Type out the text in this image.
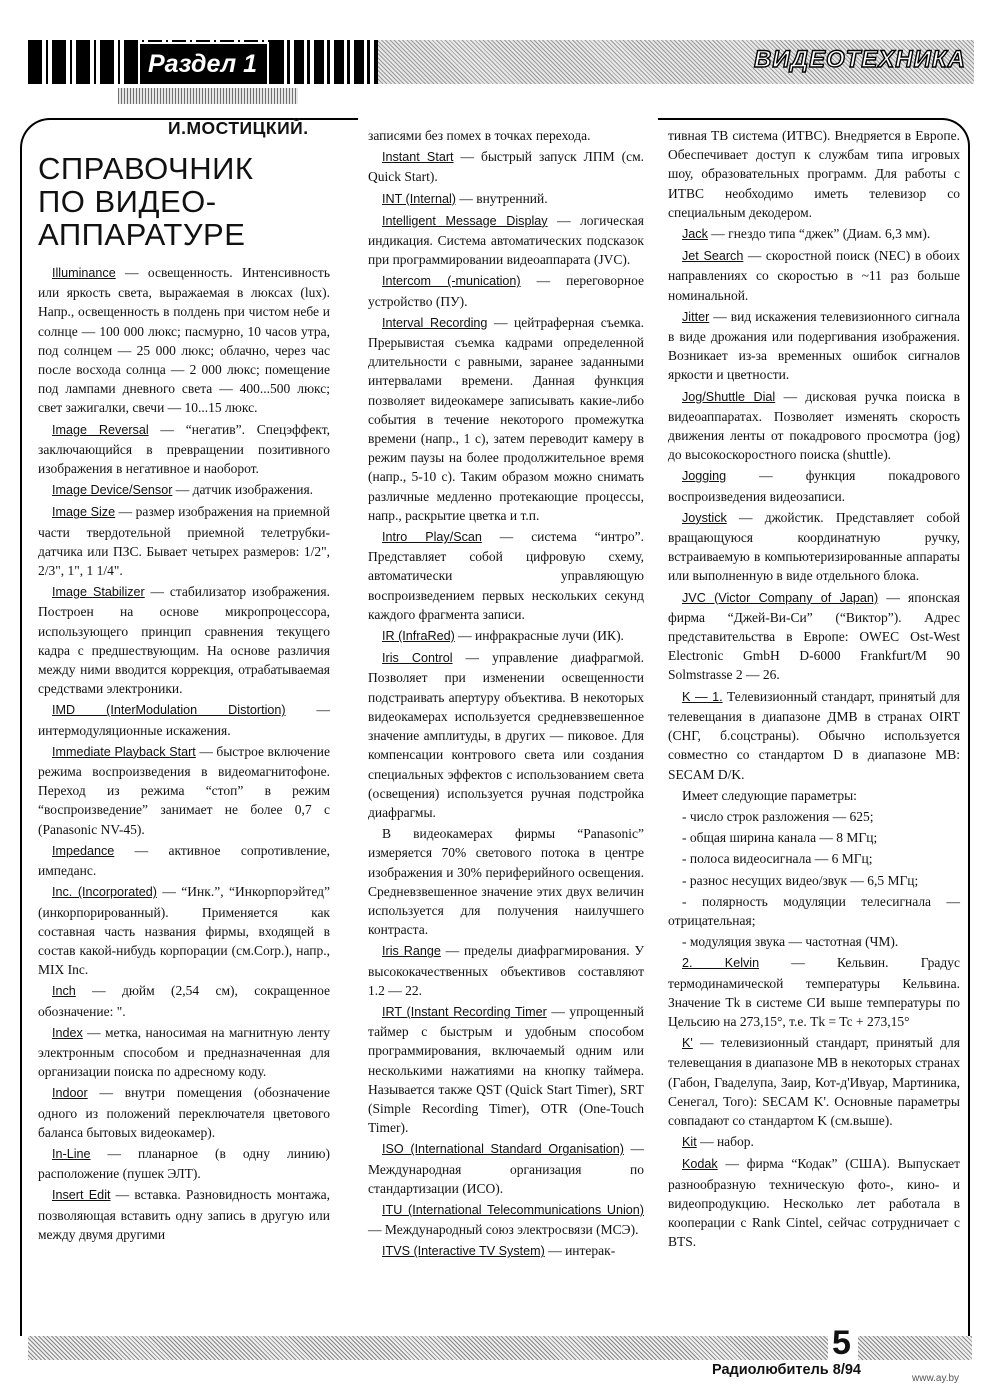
ВИДЕОТЕХНИКА
Раздел 1
И.МОСТИЦКИЙ.
СПРАВОЧНИК
ПО ВИДЕО-
АППАРАТУРЕ

Illuminance — освещенность. Интенсивность или яркость света, выражаемая в люксах (lux). Напр., освещенность в полдень при чистом небе и солнце — 100 000 люкс; пасмурно, 10 часов утра, под солнцем — 25 000 люкс; облачно, через час после восхода солнца — 2 000 люкс; помещение под лампами дневного света — 400...500 люкс; свет зажигалки, свечи — 10...15 люкс.

Image Reversal — “негатив”. Спецэффект, заключающийся в превращении позитивного изображения в негативное и наоборот.

Image Device/Sensor — датчик изображения.

Image Size — размер изображения на приемной части твердотельной приемной телетрубки-датчика или ПЗС. Бывает четырех размеров: 1/2", 2/3", 1", 1 1/4".

Image Stabilizer — стабилизатор изображения. Построен на основе микропроцессора, использующего принцип сравнения текущего кадра с предшествующим. На основе различия между ними вводится коррекция, отрабатываемая средствами электроники.

IMD (InterModulation Distortion) — интермодуляционные искажения.

Immediate Playback Start — быстрое включение режима воспроизведения в видеомагнитофоне. Переход из режима “стоп” в режим “воспроизведение” занимает не более 0,7 с (Panasonic NV-45).

Impedance — активное сопротивление, импеданс.

Inc. (Incorporated) — “Инк.”, “Инкорпорэйтед” (инкорпорированный). Применяется как составная часть названия фирмы, входящей в состав какой-нибудь корпорации (см.Corp.), напр., MIX Inc.

Inch — дюйм (2,54 см), сокращенное обозначение: ".

Index — метка, наносимая на магнитную ленту электронным способом и предназначенная для организации поиска по адресному коду.

Indoor — внутри помещения (обозначение одного из положений переключателя цветового баланса бытовых видеокамер).

In-Line — планарное (в одну линию) расположение (пушек ЭЛТ).

Insert Edit — вставка. Разновидность монтажа, позволяющая вставить одну запись в другую или между двумя другими

записями без помех в точках перехода.

Instant Start — быстрый запуск ЛПМ (см. Quick Start).

INT (Internal) — внутренний.

Intelligent Message Display — логическая индикация. Система автоматических подсказок при программировании видеоаппарата (JVC).

Intercom (-munication) — переговорное устройство (ПУ).

Interval Recording — цейтраферная съемка. Прерывистая съемка кадрами определенной длительности с равными, заранее заданными интервалами времени. Данная функция позволяет видеокамере записывать какие-либо события в течение некоторого промежутка времени (напр., 1 с), затем переводит камеру в режим паузы на более продолжительное время (напр., 5-10 с). Таким образом можно снимать различные медленно протекающие процессы, напр., раскрытие цветка и т.п.

Intro Play/Scan — система “интро”. Представляет собой цифровую схему, автоматически управляющую воспроизведением первых нескольких секунд каждого фрагмента записи.

IR (InfraRed) — инфракрасные лучи (ИК).

Iris Control — управление диафрагмой. Позволяет при изменении освещенности подстраивать апертуру объектива. В некоторых видеокамерах используется средневзвешенное значение амплитуды, в других — пиковое. Для компенсации контрового света или создания специальных эффектов с использованием света (освещения) используется ручная подстройка диафрагмы.

В видеокамерах фирмы “Panasonic” измеряется 70% светового потока в центре изображения и 30% периферийного освещения. Средневзвешенное значение этих двух величин используется для получения наилучшего контраста.

Iris Range — пределы диафрагмирования. У высококачественных объективов составляют 1.2 — 22.

IRT (Instant Recording Timer — упрощенный таймер с быстрым и удобным способом программирования, включаемый одним или несколькими нажатиями на кнопку таймера. Называется также QST (Quick Start Timer), SRT (Simple Recording Timer), OTR (One-Touch Timer).

ISO (International Standard Organisation) — Международная организация по стандартизации (ИСО).

ITU (International Telecommunications Union) — Международный союз электросвязи (МСЭ).

ITVS (Interactive TV System) — интерак-

тивная ТВ система (ИТВС). Внедряется в Европе. Обеспечивает доступ к службам типа игровых шоу, образовательных программ. Для работы с ИТВС необходимо иметь телевизор со специальным декодером.

Jack — гнездо типа “джек” (Диам. 6,3 мм).

Jet Search — скоростной поиск (NEC) в обоих направлениях со скоростью в ~11 раз больше номинальной.

Jitter — вид искажения телевизионного сигнала в виде дрожания или подергивания изображения. Возникает из-за временных ошибок сигналов яркости и цветности.

Jog/Shuttle Dial — дисковая ручка поиска в видеоаппаратах. Позволяет изменять скорость движения ленты от покадрового просмотра (jog) до высокоскоростного поиска (shuttle).

Jogging — функция покадрового воспроизведения видеозаписи.

Joystick — джойстик. Представляет собой вращающуюся координатную ручку, встраиваемую в компьютеризированные аппараты или выполненную в виде отдельного блока.

JVC (Victor Company of Japan) — японская фирма “Джей-Ви-Си” (“Виктор”). Адрес представительства в Европе: OWEC Ost-West Electronic GmbH D-6000 Frankfurt/M 90 Solmstrasse 2 — 26.

K — 1. Телевизионный стандарт, принятый для телевещания в диапазоне ДМВ в странах OIRT (СНГ, б.соцстраны). Обычно используется совместно со стандартом D в диапазоне MB: SECAM D/K.

Имеет следующие параметры:

- число строк разложения — 625;

- общая ширина канала — 8 МГц;

- полоса видеосигнала — 6 МГц;

- разнос несущих видео/звук — 6,5 МГц;

- полярность модуляции телесигнала — отрицательная;

- модуляция звука — частотная (ЧМ).

2. Kelvin — Кельвин. Градус термодинамической температуры Кельвина. Значение Tk в системе СИ выше температуры по Цельсию на 273,15°, т.е. Tk = Tc + 273,15°

K' — телевизионный стандарт, принятый для телевещания в диапазоне MB в некоторых странах (Габон, Гваделупа, Заир, Кот-д'Ивуар, Мартиника, Сенегал, Того): SECAM K'. Основные параметры совпадают со стандартом K (см.выше).

Kit — набор.

Kodak — фирма “Кодак” (США). Выпускает разнообразную техническую фото-, кино- и видеопродукцию. Несколько лет работала в кооперации с Rank Cintel, сейчас сотрудничает с BTS.

5
Радиолюбитель 8/94
www.ay.by
